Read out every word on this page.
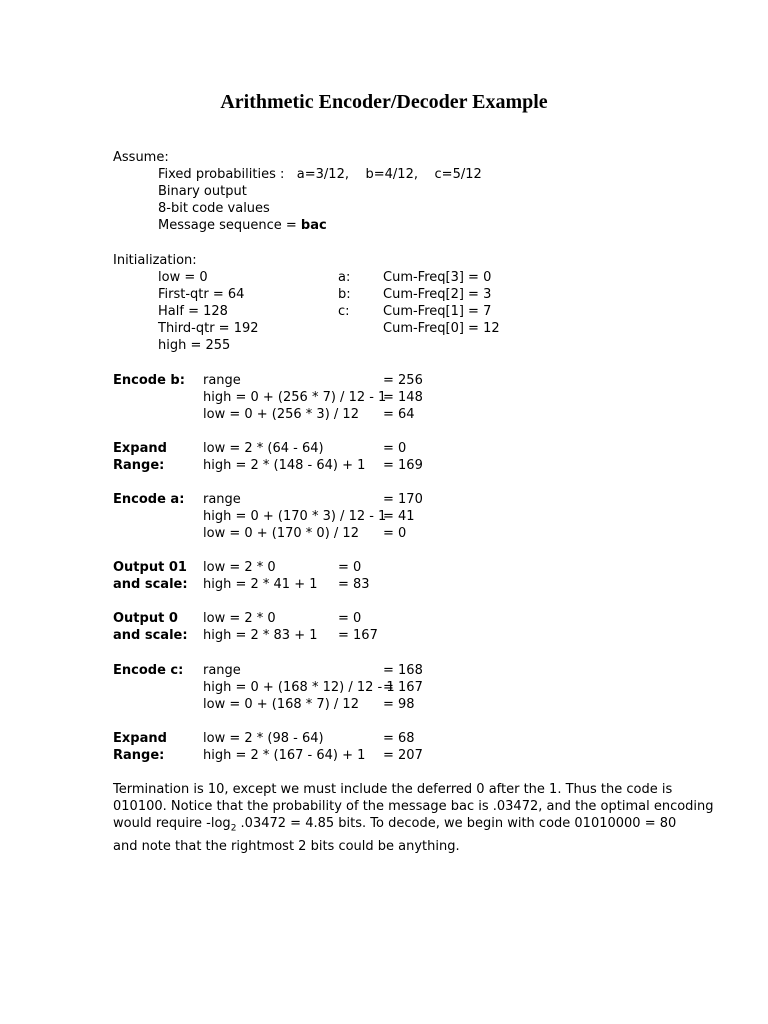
Arithmetic Encoder/Decoder Example
Assume:
Fixed probabilities : a=3/12, b=4/12, c=5/12
Binary output
8-bit code values
Message sequence = bac
Initialization:
low = 0
First-qtr = 64
Half = 128
Third-qtr = 192
high = 255
a:
b:
c:
Cum-Freq[3] = 0
Cum-Freq[2] = 3
Cum-Freq[1] = 7
Cum-Freq[0] = 12
Encode b: range
high = 0 + (256 * 7) / 12 - 1
low = 0 + (256 * 3) / 12
= 256
= 148
= 64
Expand
Range:
low = 2 * (64 - 64)
high = 2 * (148 - 64) + 1
= 0
= 169
Encode a: range
high = 0 + (170 * 3) / 12 - 1
low = 0 + (170 * 0) / 12
= 170
= 41
= 0
Output 01
and scale:
low = 2 * 0
high = 2 * 41 + 1
= 0
= 83
Output 0
and scale:
low = 2 * 0
high = 2 * 83 + 1
= 0
= 167
Encode c: range
high = 0 + (168 * 12) / 12 - 1
low = 0 + (168 * 7) / 12
= 168
= 167
= 98
Expand
Range:
low = 2 * (98 - 64)
high = 2 * (167 - 64) + 1
= 68
= 207
Termination is 10, except we must include the deferred 0 after the 1. Thus the code is
010100. Notice that the probability of the message bac is .03472, and the optimal encoding
would require $-\log_2$ .03472 = 4.85 bits. To decode, we begin with code 01010000 = 80
and note that the rightmost 2 bits could be anything.
